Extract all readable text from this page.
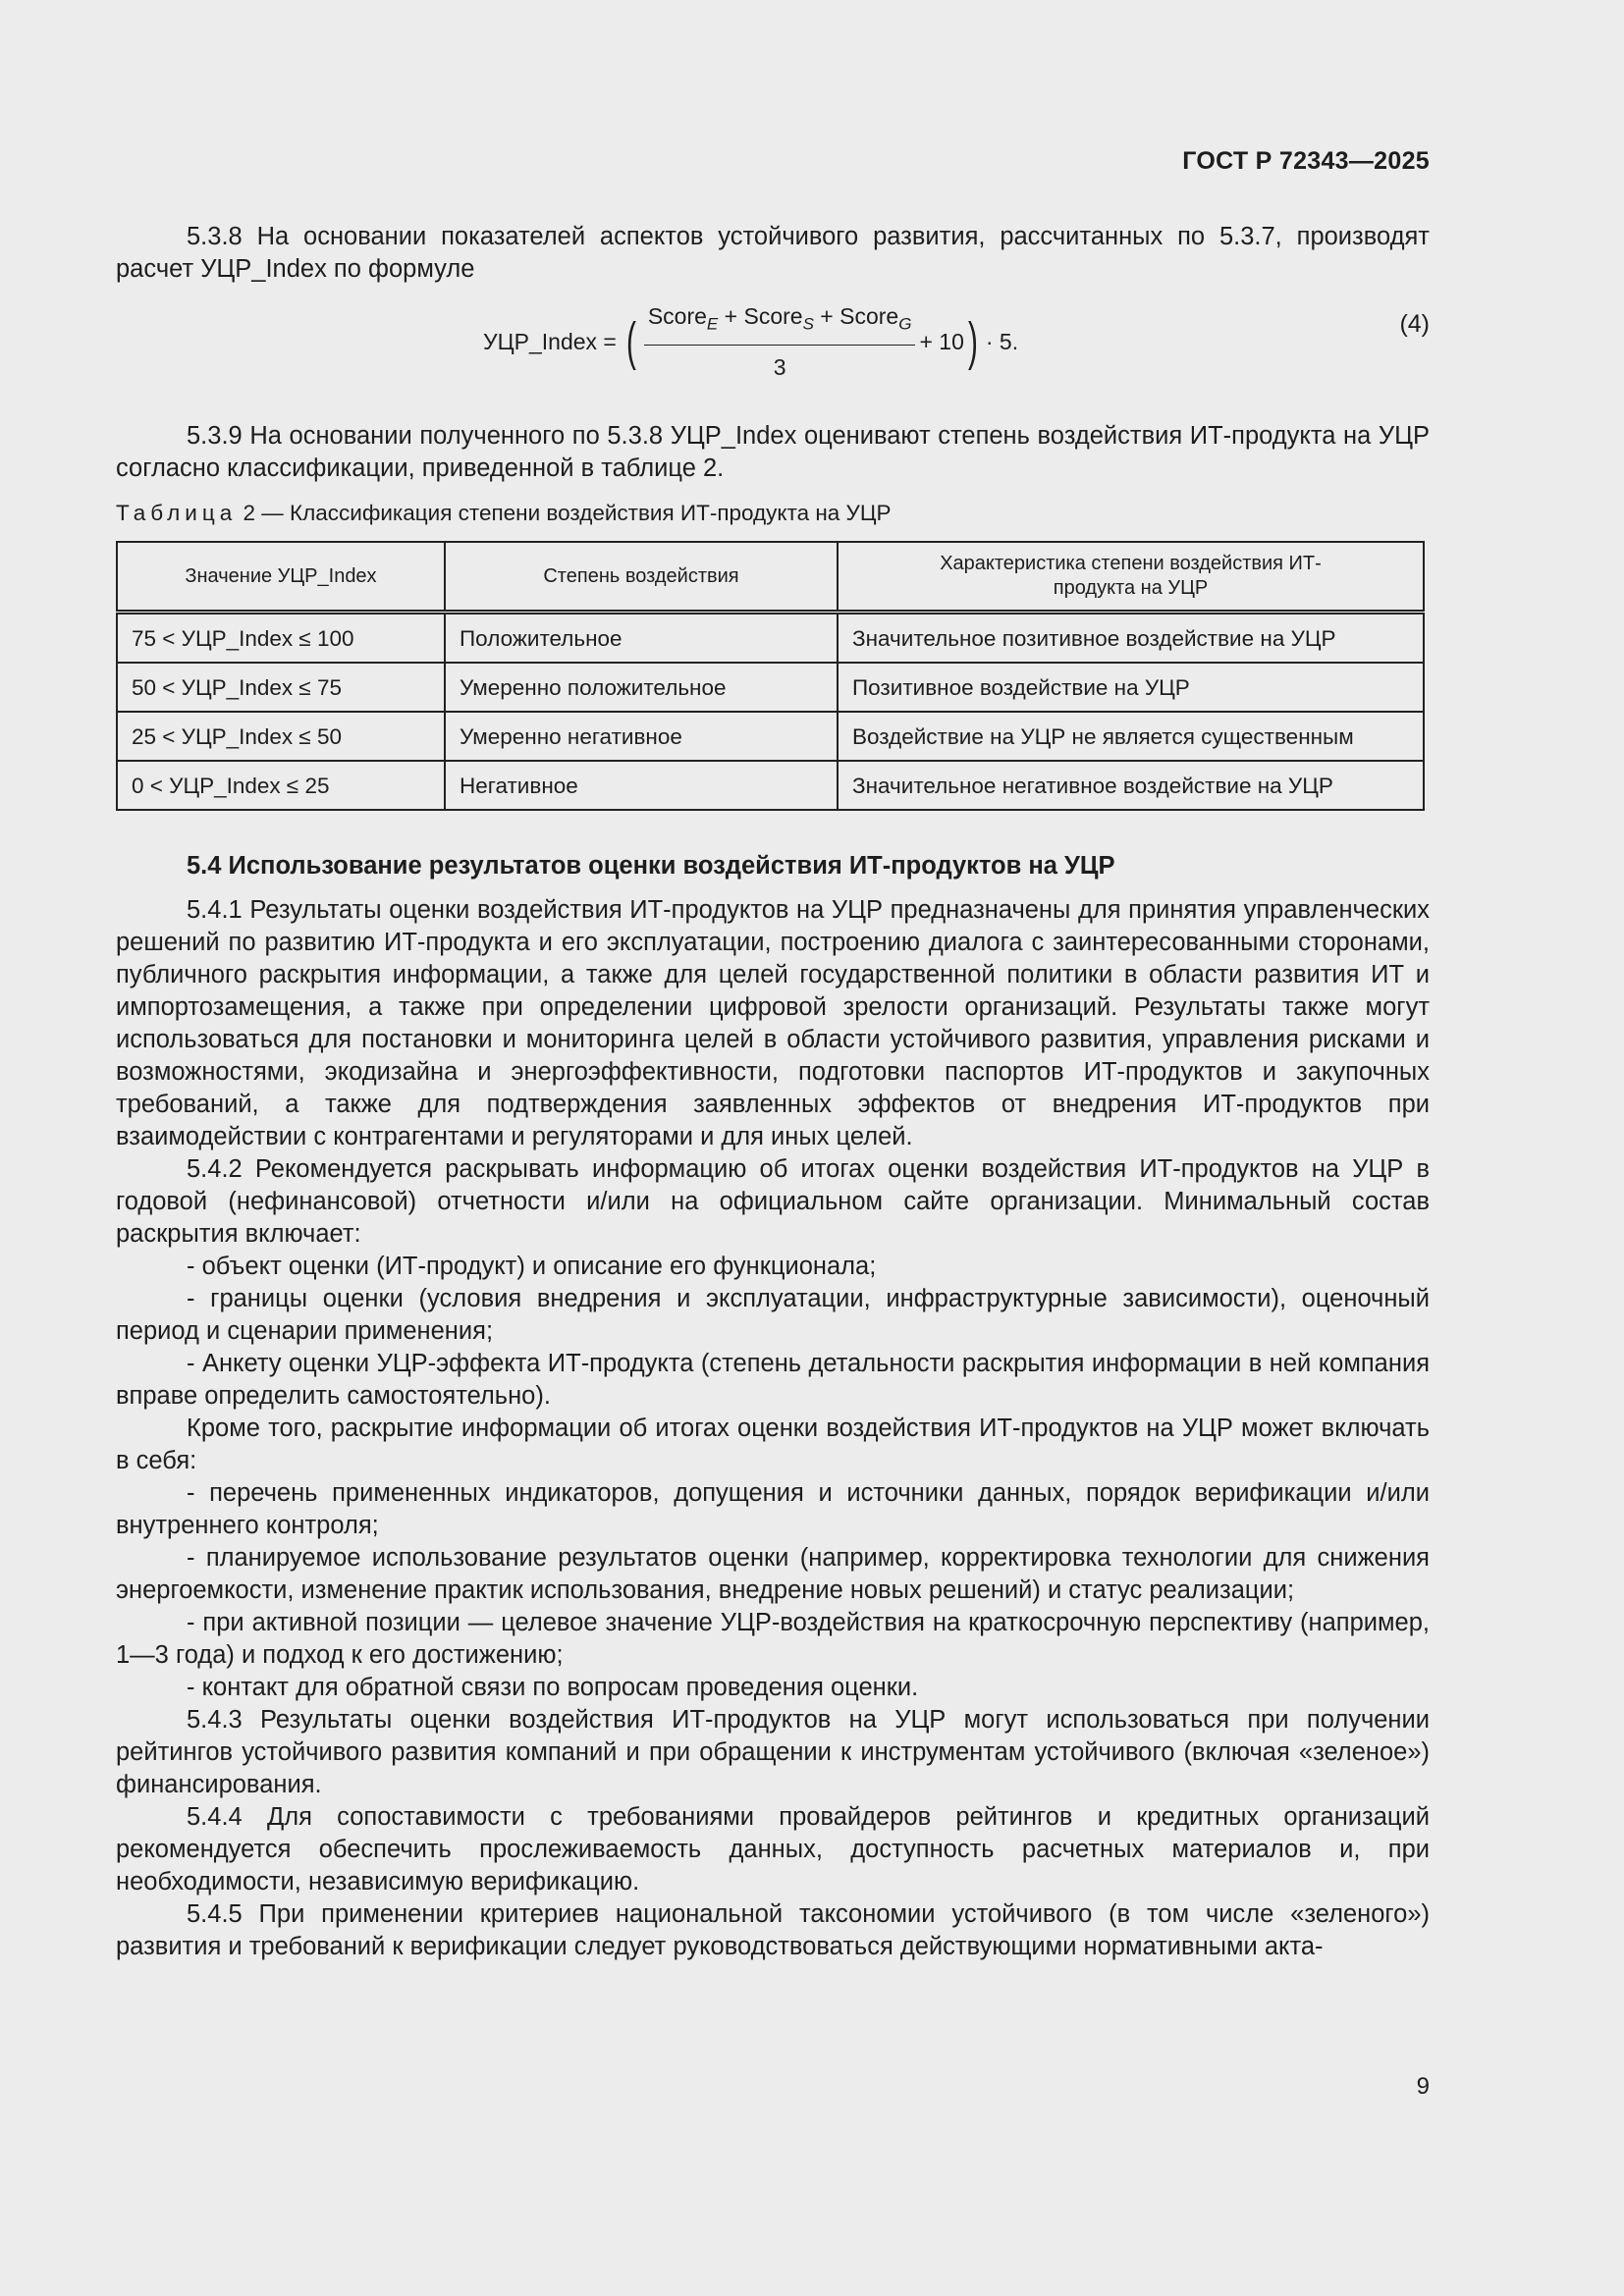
ГОСТ Р 72343—2025

5.3.8 На основании показателей аспектов устойчивого развития, рассчитанных по 5.3.7, производят расчет УЦР_Index по формуле

УЦР_Index = ( $\frac{Score_E + Score_S + Score_G}{3} + 10$ ) · 5.
(4)

5.3.9 На основании полученного по 5.3.8 УЦР_Index оценивают степень воздействия ИТ-продукта на УЦР согласно классификации, приведенной в таблице 2.

Таблица 2 — Классификация степени воздействия ИТ-продукта на УЦР
Значение УЦР_Index	Степень воздействия	Характеристика степени воздействия ИТ-продукта на УЦР
75 < УЦР_Index ≤ 100	Положительное	Значительное позитивное воздействие на УЦР
50 < УЦР_Index ≤ 75	Умеренно положительное	Позитивное воздействие на УЦР
25 < УЦР_Index ≤ 50	Умеренно негативное	Воздействие на УЦР не является существенным
0 < УЦР_Index ≤ 25	Негативное	Значительное негативное воздействие на УЦР
5.4 Использование результатов оценки воздействия ИТ-продуктов на УЦР

5.4.1 Результаты оценки воздействия ИТ-продуктов на УЦР предназначены для принятия управленческих решений по развитию ИТ-продукта и его эксплуатации, построению диалога с заинтересованными сторонами, публичного раскрытия информации, а также для целей государственной политики в области развития ИТ и импортозамещения, а также при определении цифровой зрелости организаций. Результаты также могут использоваться для постановки и мониторинга целей в области устойчивого развития, управления рисками и возможностями, экодизайна и энергоэффективности, подготовки паспортов ИТ-продуктов и закупочных требований, а также для подтверждения заявленных эффектов от внедрения ИТ-продуктов при взаимодействии с контрагентами и регуляторами и для иных целей.

5.4.2 Рекомендуется раскрывать информацию об итогах оценки воздействия ИТ-продуктов на УЦР в годовой (нефинансовой) отчетности и/или на официальном сайте организации. Минимальный состав раскрытия включает:

- объект оценки (ИТ-продукт) и описание его функционала;

- границы оценки (условия внедрения и эксплуатации, инфраструктурные зависимости), оценочный период и сценарии применения;

- Анкету оценки УЦР-эффекта ИТ-продукта (степень детальности раскрытия информации в ней компания вправе определить самостоятельно).

Кроме того, раскрытие информации об итогах оценки воздействия ИТ-продуктов на УЦР может включать в себя:

- перечень примененных индикаторов, допущения и источники данных, порядок верификации и/или внутреннего контроля;

- планируемое использование результатов оценки (например, корректировка технологии для снижения энергоемкости, изменение практик использования, внедрение новых решений) и статус реализации;

- при активной позиции — целевое значение УЦР-воздействия на краткосрочную перспективу (например, 1—3 года) и подход к его достижению;

- контакт для обратной связи по вопросам проведения оценки.

5.4.3 Результаты оценки воздействия ИТ-продуктов на УЦР могут использоваться при получении рейтингов устойчивого развития компаний и при обращении к инструментам устойчивого (включая «зеленое») финансирования.

5.4.4 Для сопоставимости с требованиями провайдеров рейтингов и кредитных организаций рекомендуется обеспечить прослеживаемость данных, доступность расчетных материалов и, при необходимости, независимую верификацию.

5.4.5 При применении критериев национальной таксономии устойчивого (в том числе «зеленого») развития и требований к верификации следует руководствоваться действующими нормативными акта-

9
